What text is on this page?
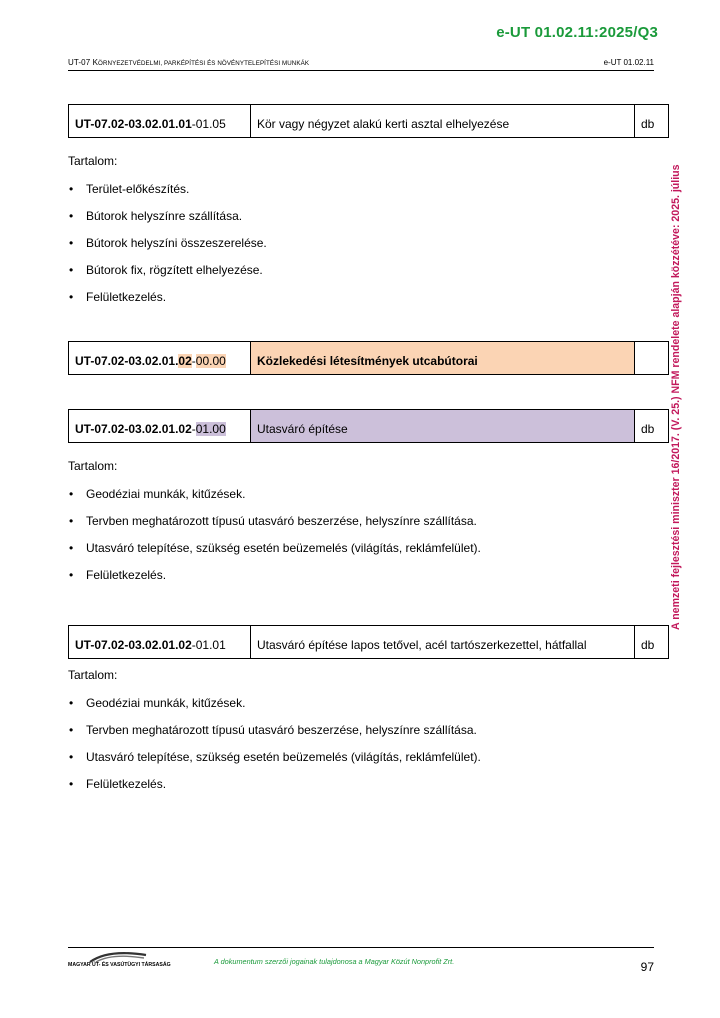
e-UT 01.02.11:2025/Q3
UT-07 KÖRNYEZETVÉDELMI, PARKÉPÍTÉSI ÉS NÖVÉNYTELEPÍTÉSI MUNKÁK	e-UT 01.02.11
A nemzeti fejlesztési miniszter 16/2017. (V. 25.) NFM rendelete alapján közzétéve: 2025. július
UT-07.02-03.02.01.01-01.05	Kör vagy négyzet alakú kerti asztal elhelyezése	db

Tartalom:

• Terület-előkészítés.
• Bútorok helyszínre szállítása.
• Bútorok helyszíni összeszerelése.
• Bútorok fix, rögzített elhelyezése.
• Felületkezelés.
UT-07.02-03.02.01.02-00.00	Közlekedési létesítmények utcabútorai	
UT-07.02-03.02.01.02-01.00	Utasváró építése	db

Tartalom:

• Geodéziai munkák, kitűzések.
• Tervben meghatározott típusú utasváró beszerzése, helyszínre szállítása.
• Utasváró telepítése, szükség esetén beüzemelés (világítás, reklámfelület).
• Felületkezelés.
UT-07.02-03.02.01.02-01.01	Utasváró építése lapos tetővel, acél tartószerkezettel, hátfallal	db

Tartalom:

• Geodéziai munkák, kitűzések.
• Tervben meghatározott típusú utasváró beszerzése, helyszínre szállítása.
• Utasváró telepítése, szükség esetén beüzemelés (világítás, reklámfelület).
• Felületkezelés.
MAGYAR ÚT- ÉS VASÚTÜGYI TÁRSASÁG	A dokumentum szerzői jogainak tulajdonosa a Magyar Közút Nonprofit Zrt.	97
